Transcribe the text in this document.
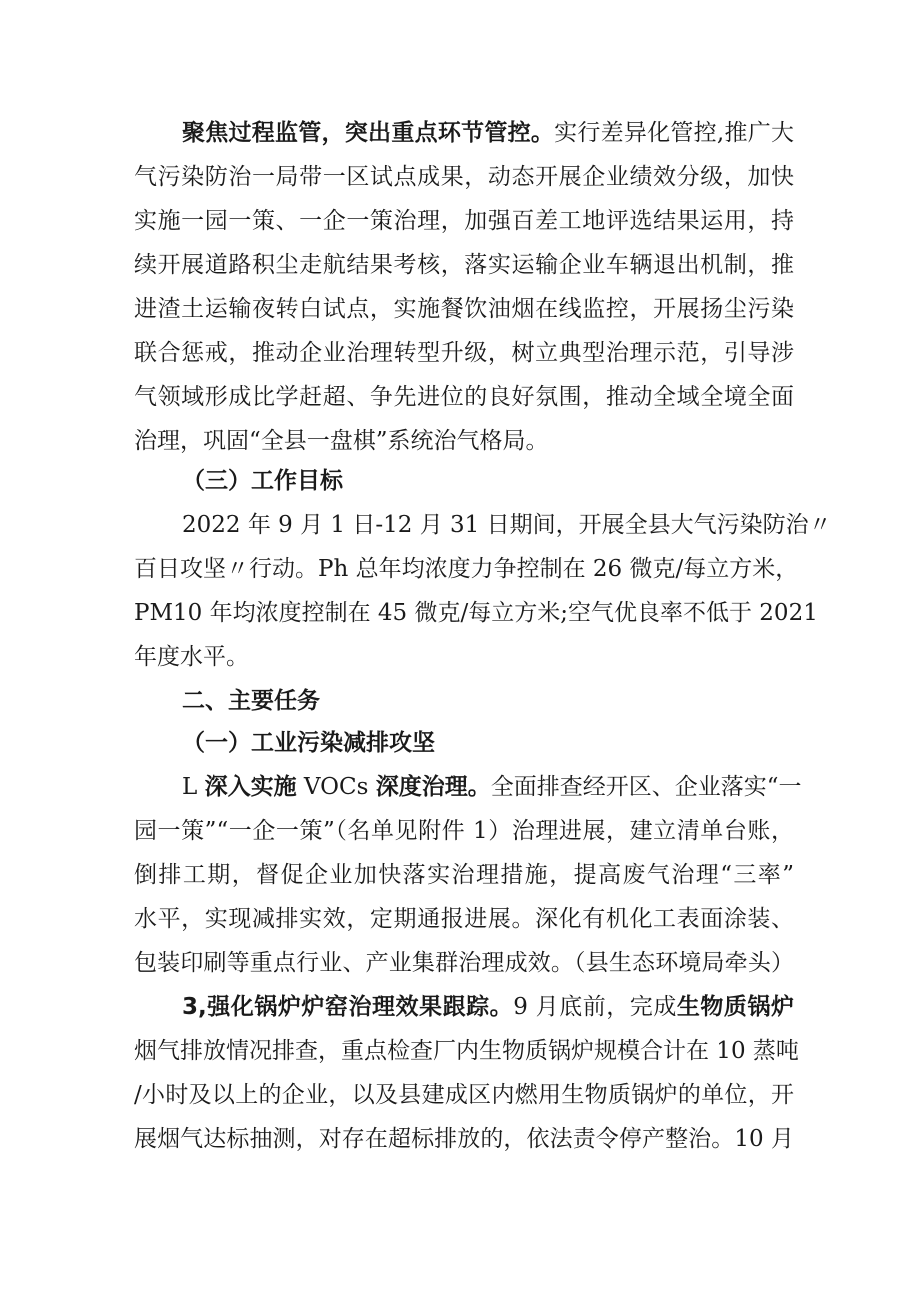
聚焦过程监管，突出重点环节管控。实行差异化管控,推广大
气污染防治一局带一区试点成果，动态开展企业绩效分级，加快
实施一园一策、一企一策治理，加强百差工地评选结果运用，持
续开展道路积尘走航结果考核，落实运输企业车辆退出机制，推
进渣土运输夜转白试点，实施餐饮油烟在线监控，开展扬尘污染
联合惩戒，推动企业治理转型升级，树立典型治理示范，引导涉
气领域形成比学赶超、争先进位的良好氛围，推动全域全境全面
治理，巩固“全县一盘棋”系统治气格局。
（三）工作目标
2022 年 9 月 1 日-12 月 31 日期间，开展全县大气污染防治〃
百日攻坚〃行动。Ph 总年均浓度力争控制在 26 微克/每立方米，
PM10 年均浓度控制在 45 微克/每立方米;空气优良率不低于 2021
年度水平。
二、主要任务
（一）工业污染减排攻坚
L 深入实施 VOCs 深度治理。全面排查经开区、企业落实“一
园一策”“一企一策”（名单见附件 1）治理进展，建立清单台账，
倒排工期，督促企业加快落实治理措施，提高废气治理“三率”
水平，实现减排实效，定期通报进展。深化有机化工表面涂装、
包装印刷等重点行业、产业集群治理成效。（县生态环境局牵头）
3,强化锅炉炉窑治理效果跟踪。9 月底前，完成生物质锅炉
烟气排放情况排查，重点检查厂内生物质锅炉规模合计在 10 蒸吨
/小时及以上的企业，以及县建成区内燃用生物质锅炉的单位，开
展烟气达标抽测，对存在超标排放的，依法责令停产整治。10 月
